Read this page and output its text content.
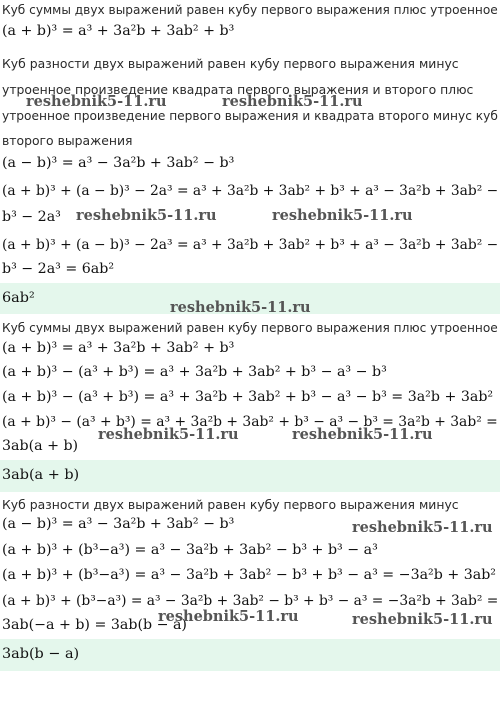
Куб суммы двух выражений равен кубу первого выражения плюс утроенное
(a + b)³ = a³ + 3a²b + 3ab² + b³
Куб разности двух выражений равен кубу первого выражения минус
утроенное произведение квадрата первого выражения и второго плюс
утроенное произведение первого выражения и квадрата второго минус куб
второго выражения
(a − b)³ = a³ − 3a²b + 3ab² − b³
(a + b)³ + (a − b)³ − 2a³ = a³ + 3a²b + 3ab² + b³ + a³ − 3a²b + 3ab² −
b³ − 2a³
(a + b)³ + (a − b)³ − 2a³ = a³ + 3a²b + 3ab² + b³ + a³ − 3a²b + 3ab² −
b³ − 2a³ = 6ab²
6ab²
Куб суммы двух выражений равен кубу первого выражения плюс утроенное
(a + b)³ = a³ + 3a²b + 3ab² + b³
(a + b)³ − (a³ + b³) = a³ + 3a²b + 3ab² + b³ − a³ − b³
(a + b)³ − (a³ + b³) = a³ + 3a²b + 3ab² + b³ − a³ − b³ = 3a²b + 3ab²
(a + b)³ − (a³ + b³) = a³ + 3a²b + 3ab² + b³ − a³ − b³ = 3a²b + 3ab² =
3ab(a + b)
3ab(a + b)
Куб разности двух выражений равен кубу первого выражения минус
(a − b)³ = a³ − 3a²b + 3ab² − b³
(a + b)³ + (b³−a³) = a³ − 3a²b + 3ab² − b³ + b³ − a³
(a + b)³ + (b³−a³) = a³ − 3a²b + 3ab² − b³ + b³ − a³ = −3a²b + 3ab²
(a + b)³ + (b³−a³) = a³ − 3a²b + 3ab² − b³ + b³ − a³ = −3a²b + 3ab² =
3ab(−a + b) = 3ab(b − a)
3ab(b − a)
reshebnik5-11.ru	reshebnik5-11.ru
reshebnik5-11.ru	reshebnik5-11.ru
reshebnik5-11.ru
reshebnik5-11.ru	reshebnik5-11.ru
reshebnik5-11.ru
reshebnik5-11.ru	reshebnik5-11.ru
